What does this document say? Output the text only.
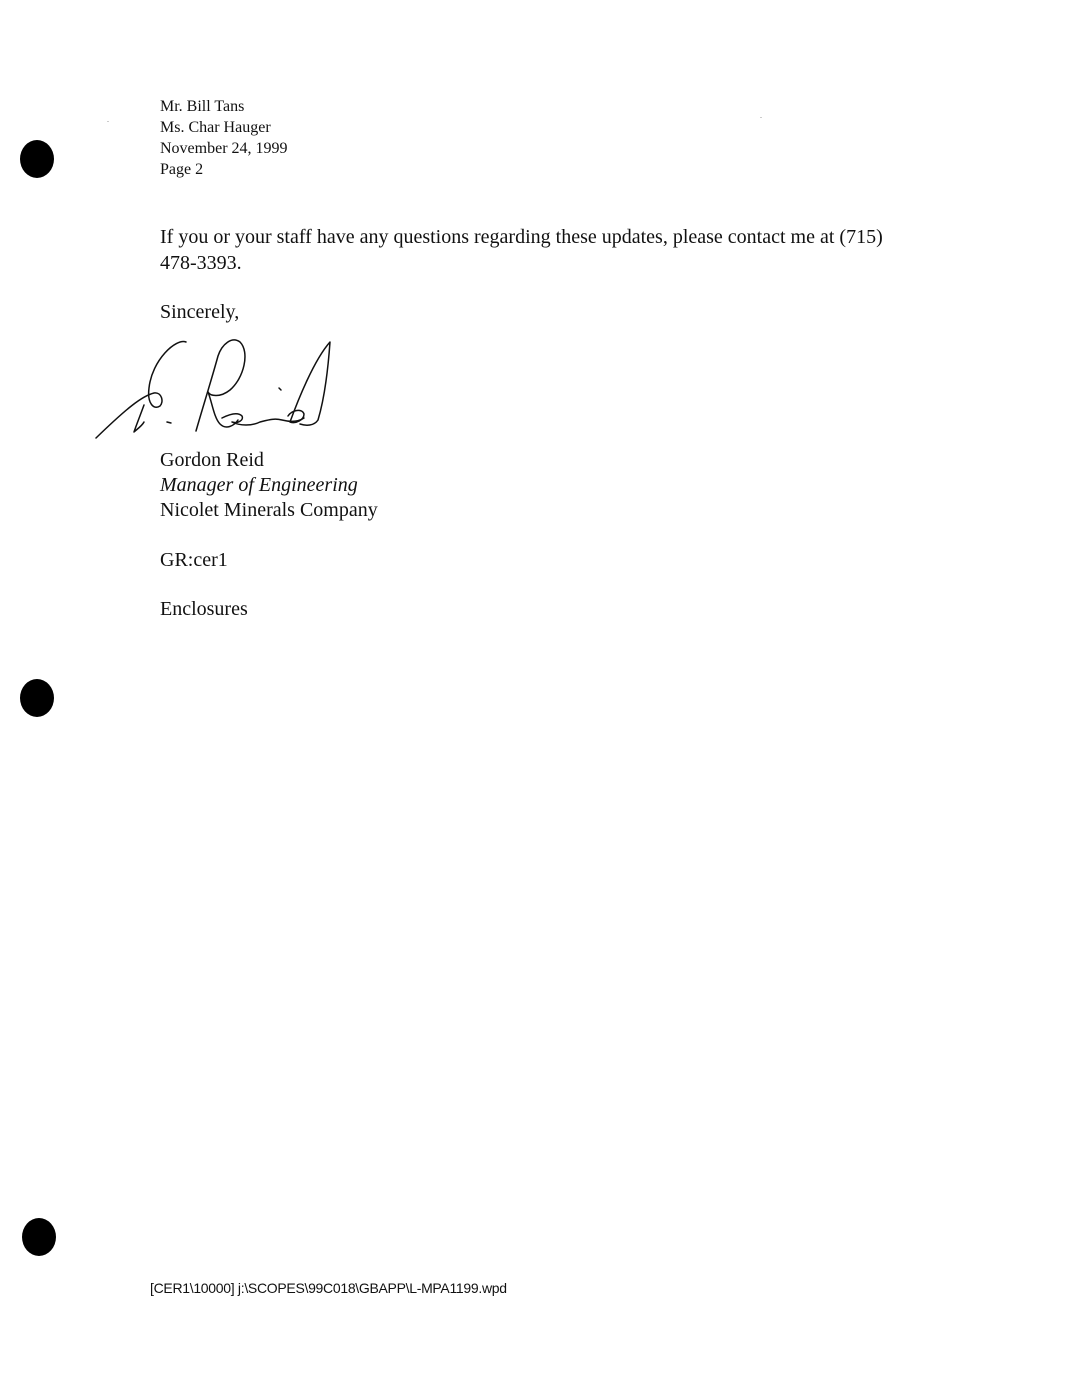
Mr. Bill Tans
Ms. Char Hauger
November 24, 1999
Page 2
If you or your staff have any questions regarding these updates, please contact me at (715) 478-3393.
Sincerely,
Gordon Reid
Manager of Engineering
Nicolet Minerals Company
GR:cer1
Enclosures
[CER1\10000] j:\SCOPES\99C018\GBAPP\L-MPA1199.wpd
